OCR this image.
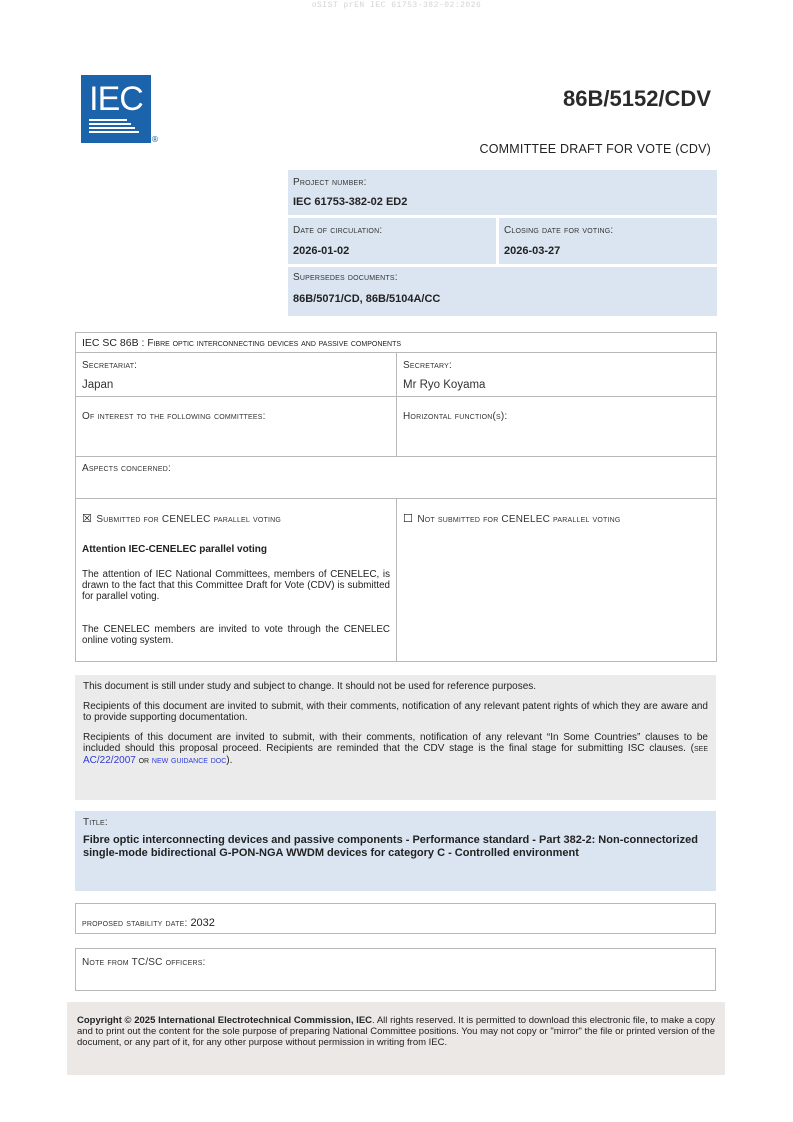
oSIST prEN IEC 61753-382-02:2026
IEC
®
86B/5152/CDV
COMMITTEE DRAFT FOR VOTE (CDV)
Project number:
IEC 61753-382-02 ED2
Date of circulation:
2026-01-02
Closing date for voting:
2026-03-27
Supersedes documents:
86B/5071/CD, 86B/5104A/CC
IEC SC 86B : Fibre optic interconnecting devices and passive components
Secretariat:
Japan
Secretary:
Mr Ryo Koyama
Of interest to the following committees:	Horizontal function(s):
Aspects concerned:
☒ Submitted for CENELEC parallel voting
Attention IEC-CENELEC parallel voting
The attention of IEC National Committees, members of CENELEC, is drawn to the fact that this Committee Draft for Vote (CDV) is submitted for parallel voting.
The CENELEC members are invited to vote through the CENELEC online voting system.
☐ Not submitted for CENELEC parallel voting

This document is still under study and subject to change. It should not be used for reference purposes.

Recipients of this document are invited to submit, with their comments, notification of any relevant patent rights of which they are aware and to provide supporting documentation.

Recipients of this document are invited to submit, with their comments, notification of any relevant “In Some Countries” clauses to be included should this proposal proceed. Recipients are reminded that the CDV stage is the final stage for submitting ISC clauses. (see AC/22/2007 or new guidance doc).

Title:
Fibre optic interconnecting devices and passive components - Performance standard - Part 382-2: Non-connectorized single-mode bidirectional G-PON-NGA WWDM devices for category C - Controlled environment
proposed stability date: 2032
Note from TC/SC officers:
Copyright © 2025 International Electrotechnical Commission, IEC. All rights reserved. It is permitted to download this electronic file, to make a copy and to print out the content for the sole purpose of preparing National Committee positions. You may not copy or "mirror" the file or printed version of the document, or any part of it, for any other purpose without permission in writing from IEC.
